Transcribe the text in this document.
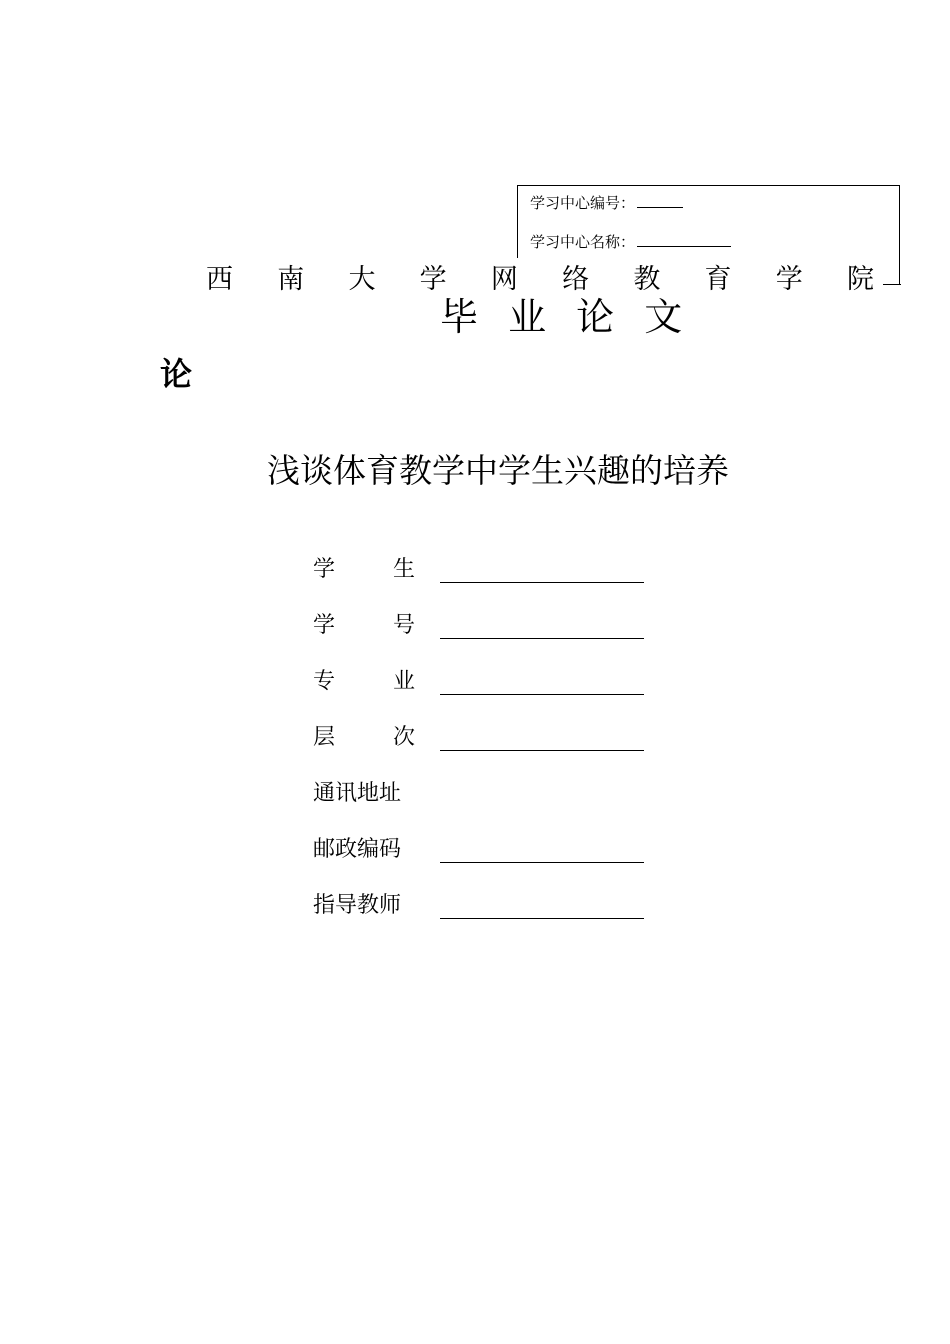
学习中心编号：
学习中心名称：
西 南 大 学 网 络 教 育 学 院
毕 业 论 文
论
浅谈体育教学中学生兴趣的培养
学	生
学	号
专	业
层	次
通讯地址
邮政编码
指导教师
